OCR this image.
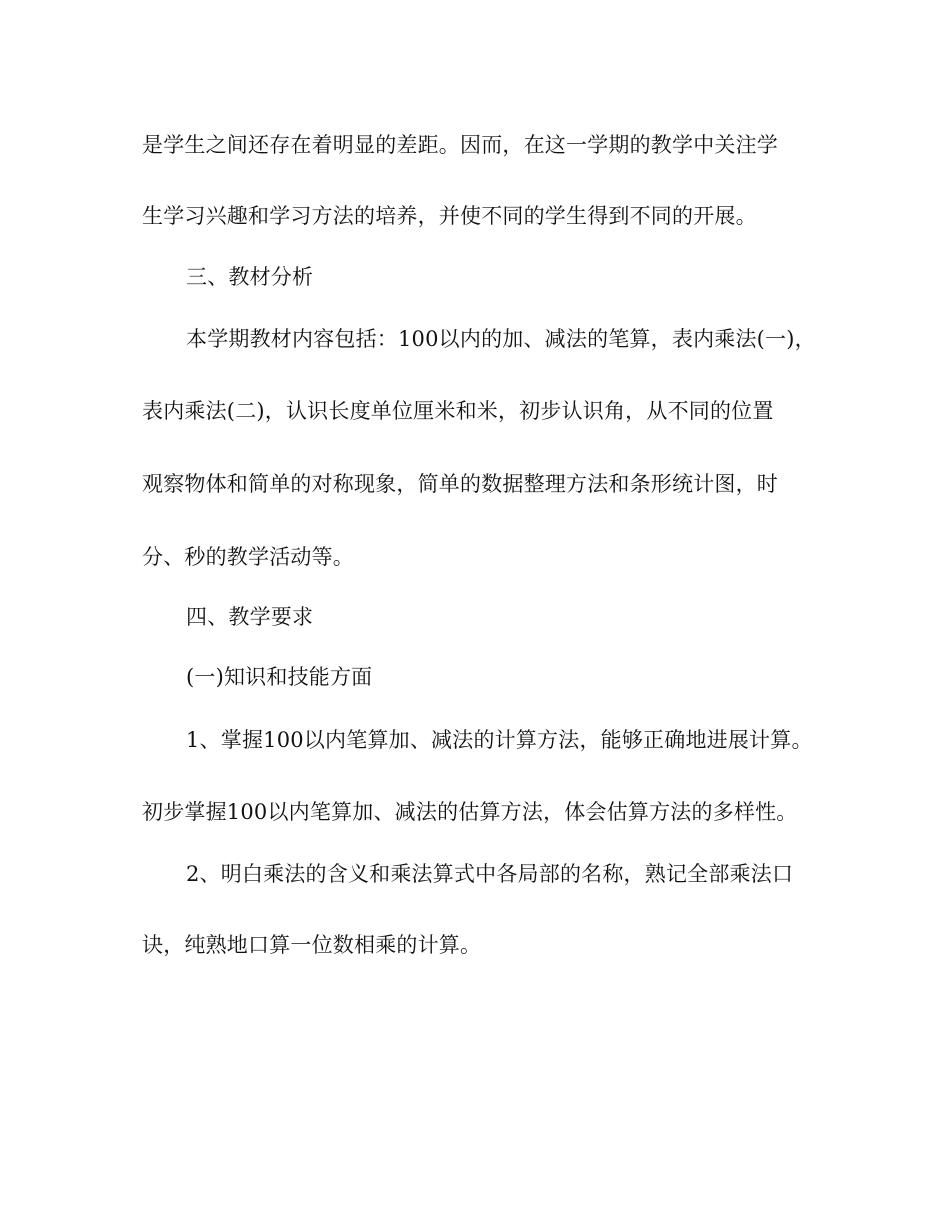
是学生之间还存在着明显的差距。因而，在这一学期的教学中关注学
生学习兴趣和学习方法的培养，并使不同的学生得到不同的开展。
三、教材分析
本学期教材内容包括：100以内的加、减法的笔算，表内乘法(一)，
表内乘法(二)，认识长度单位厘米和米，初步认识角，从不同的位置
观察物体和简单的对称现象，简单的数据整理方法和条形统计图，时
分、秒的教学活动等。
四、教学要求
(一)知识和技能方面
1、掌握100以内笔算加、减法的计算方法，能够正确地进展计算。
初步掌握100以内笔算加、减法的估算方法，体会估算方法的多样性。
2、明白乘法的含义和乘法算式中各局部的名称，熟记全部乘法口
诀，纯熟地口算一位数相乘的计算。
